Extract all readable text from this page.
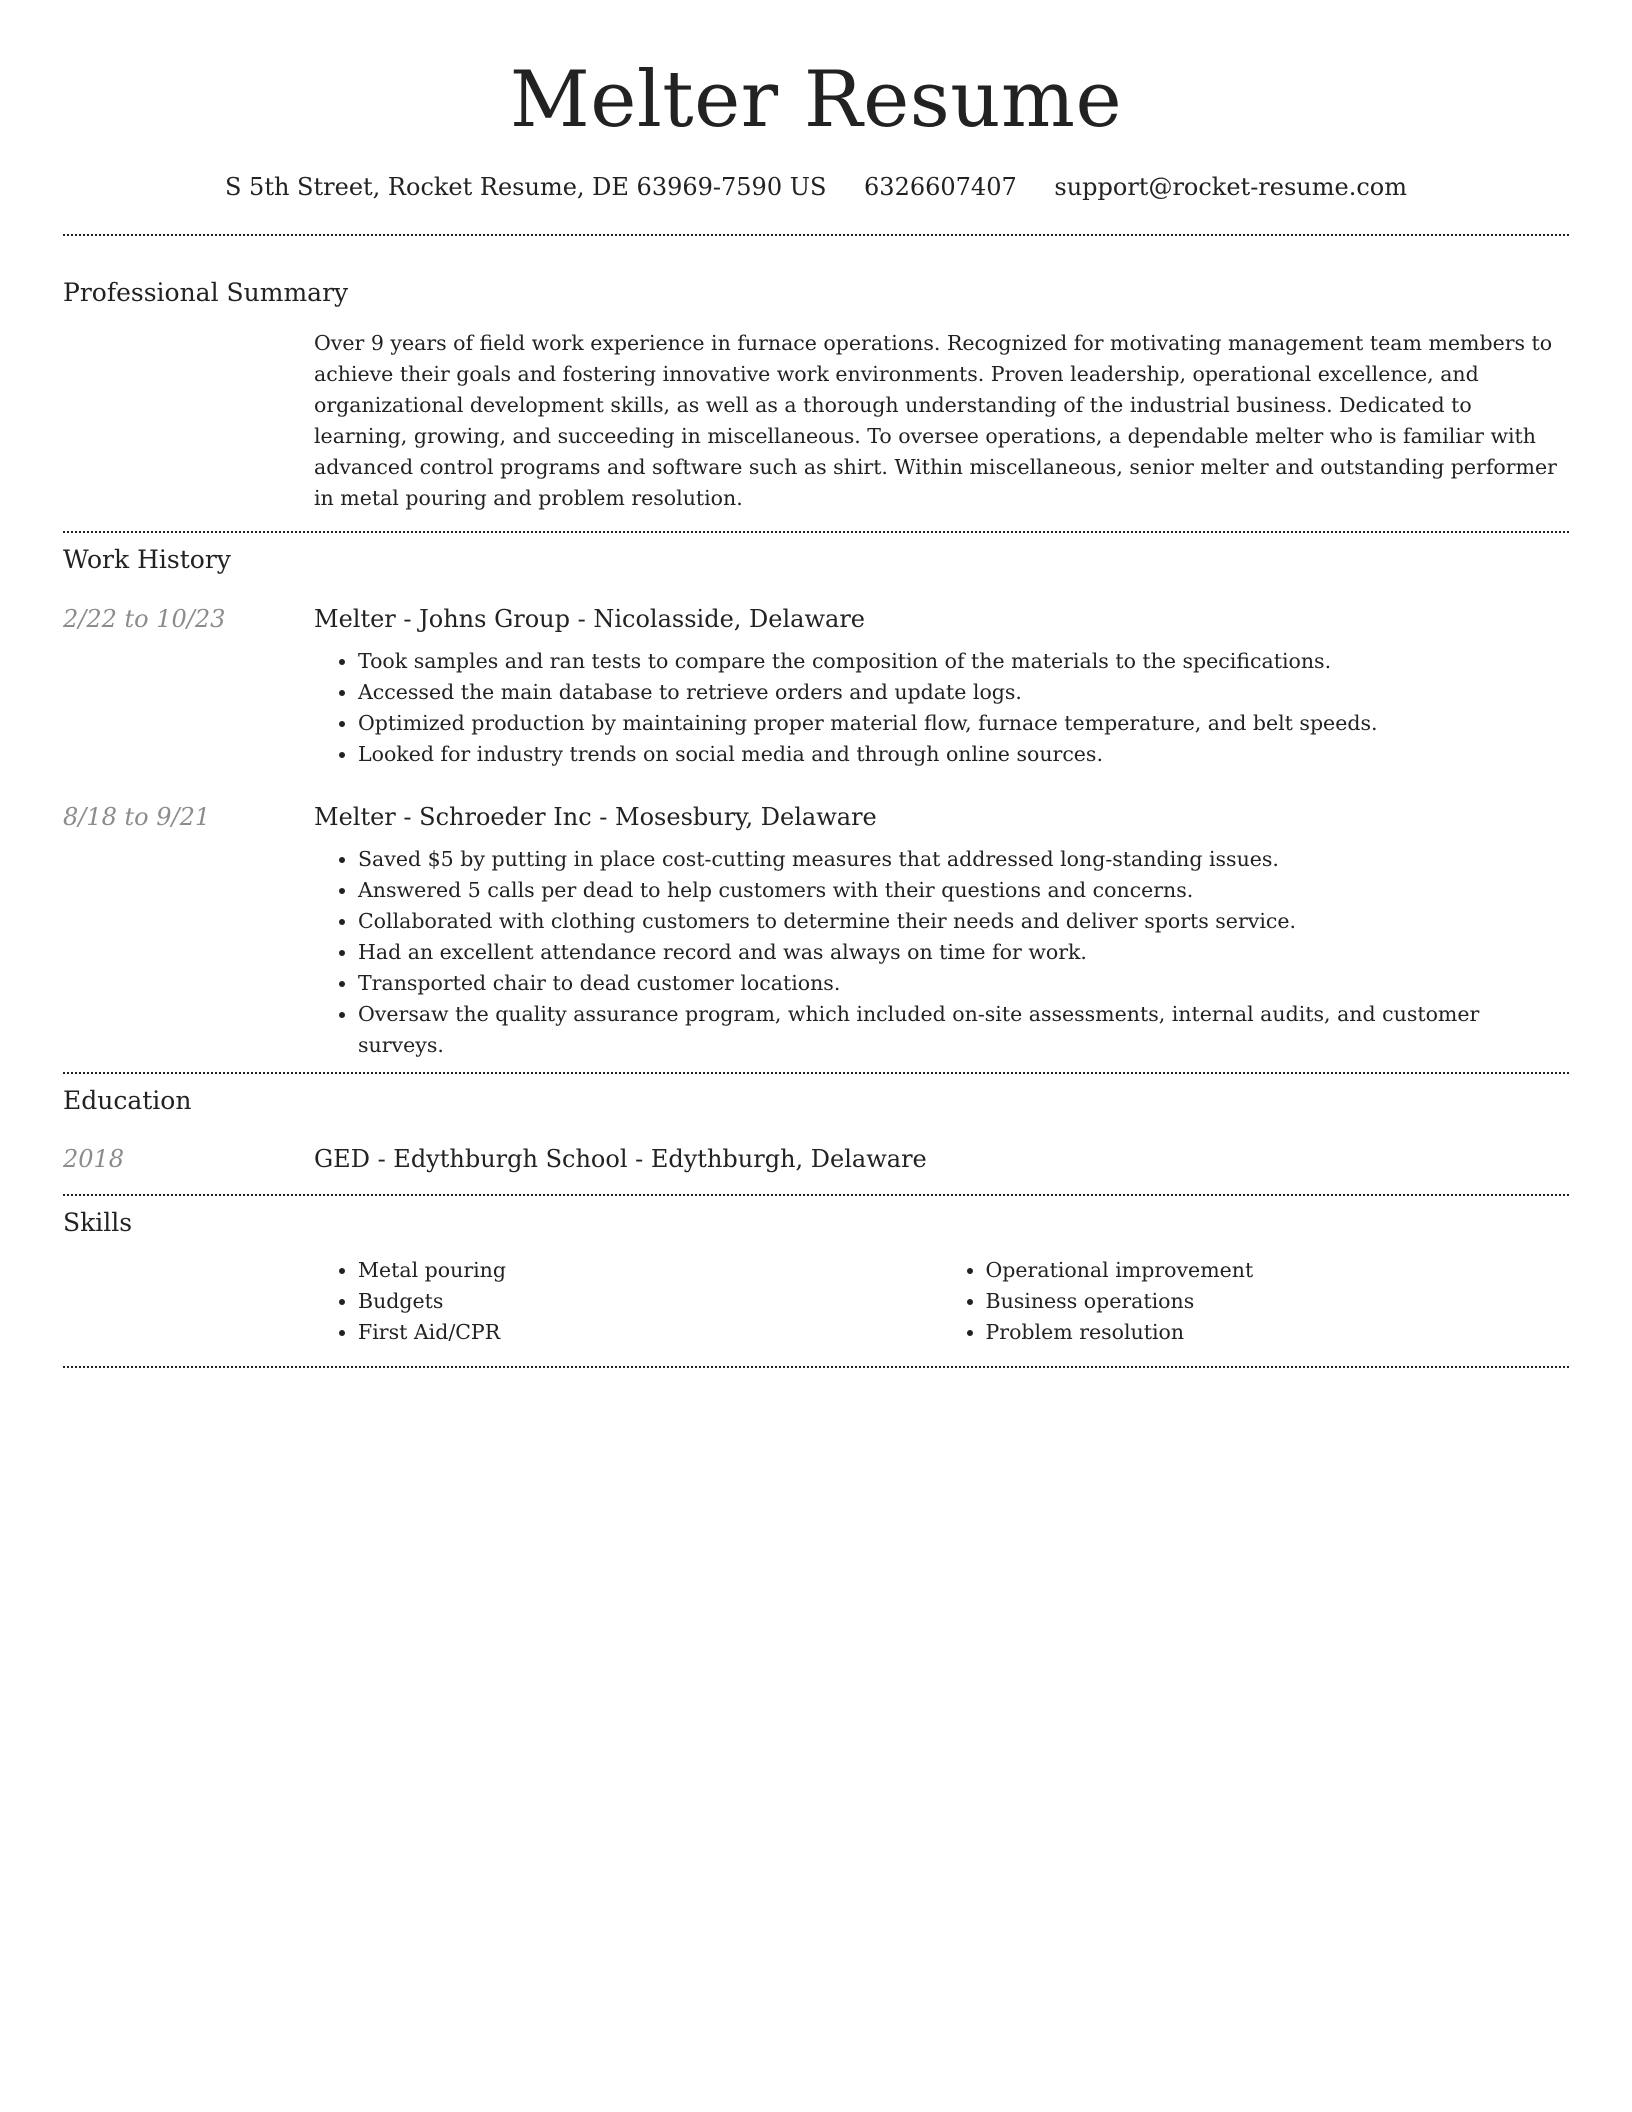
Melter Resume
S 5th Street, Rocket Resume, DE 63969-7590 US 6326607407 support@rocket-resume.com
Professional Summary

Over 9 years of field work experience in furnace operations. Recognized for motivating management team members to achieve their goals and fostering innovative work environments. Proven leadership, operational excellence, and organizational development skills, as well as a thorough understanding of the industrial business. Dedicated to learning, growing, and succeeding in miscellaneous. To oversee operations, a dependable melter who is familiar with advanced control programs and software such as shirt. Within miscellaneous, senior melter and outstanding performer in metal pouring and problem resolution.

Work History
2/22 to 10/23	Melter - Johns Group - Nicolasside, Delaware
• Took samples and ran tests to compare the composition of the materials to the specifications.
• Accessed the main database to retrieve orders and update logs.
• Optimized production by maintaining proper material flow, furnace temperature, and belt speeds.
• Looked for industry trends on social media and through online sources.
8/18 to 9/21	Melter - Schroeder Inc - Mosesbury, Delaware
• Saved $5 by putting in place cost-cutting measures that addressed long-standing issues.
• Answered 5 calls per dead to help customers with their questions and concerns.
• Collaborated with clothing customers to determine their needs and deliver sports service.
• Had an excellent attendance record and was always on time for work.
• Transported chair to dead customer locations.
• Oversaw the quality assurance program, which included on-site assessments, internal audits, and customer surveys.
Education
2018	GED - Edythburgh School - Edythburgh, Delaware
Skills
• Metal pouring
• Budgets
• First Aid/CPR
• Operational improvement
• Business operations
• Problem resolution
